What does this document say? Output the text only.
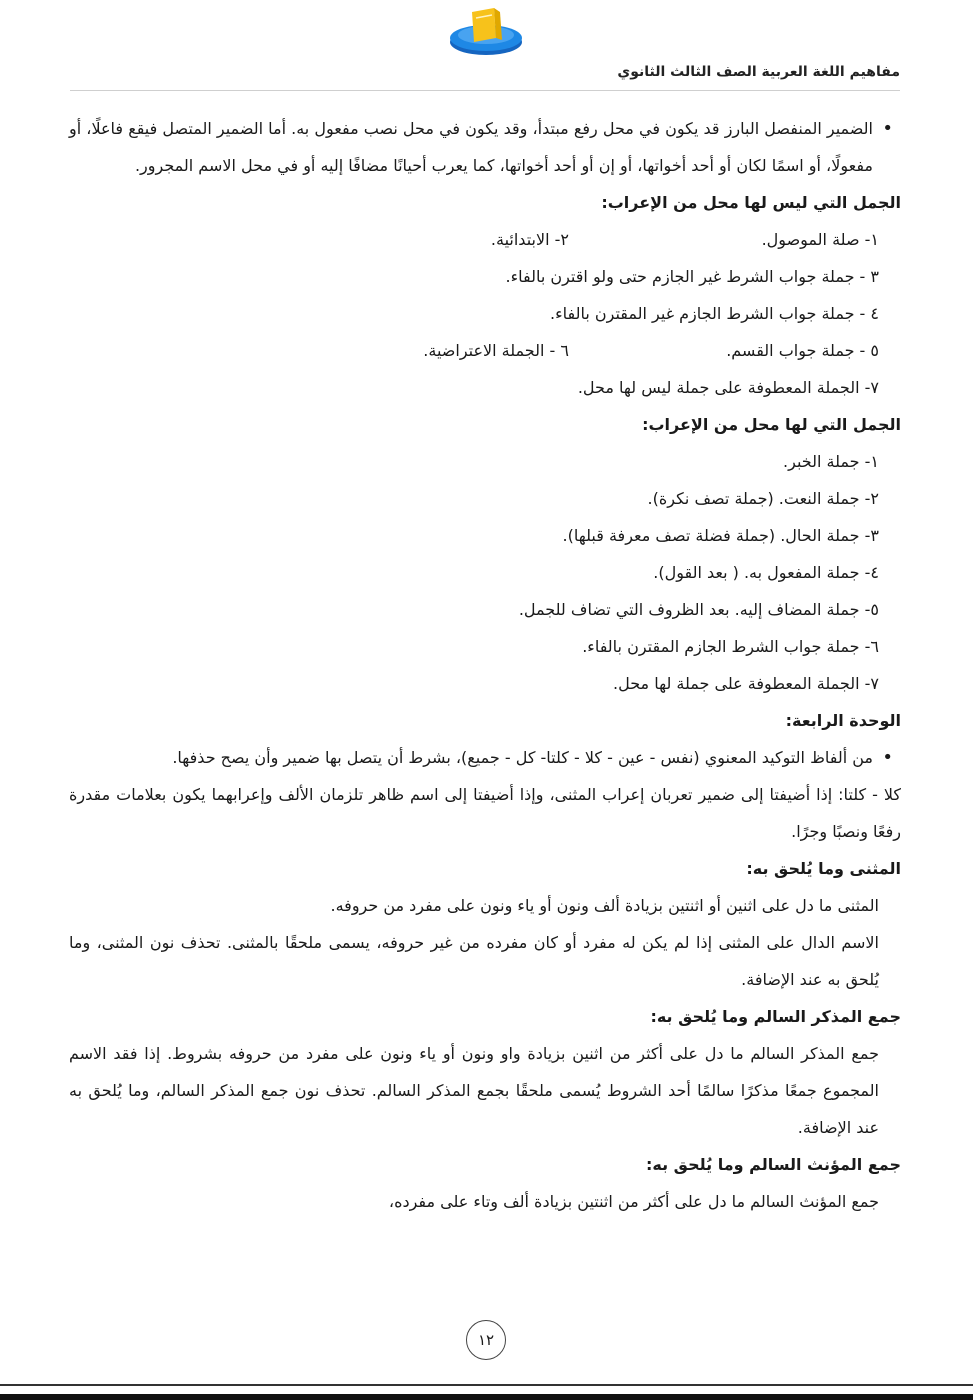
مفاهيم اللغة العربية الصف الثالث الثانوي

• الضمير المنفصل البارز قد يكون في محل رفع مبتدأ، وقد يكون في محل نصب مفعول به. أما الضمير المتصل فيقع فاعلًا، أو مفعولًا، أو اسمًا لكان أو أحد أخواتها، أو إن أو أحد أخواتها، كما يعرب أحيانًا مضافًا إليه أو في محل الاسم المجرور.

الجمل التي ليس لها محل من الإعراب:

١- صلة الموصول.
٢- الابتدائية.

٣ - جملة جواب الشرط غير الجازم حتى ولو اقترن بالفاء.

٤ - جملة جواب الشرط الجازم غير المقترن بالفاء.

٥ - جملة جواب القسم.
٦ - الجملة الاعتراضية.

٧- الجملة المعطوفة على جملة ليس لها محل.

الجمل التي لها محل من الإعراب:

١- جملة الخبر.

٢- جملة النعت. (جملة تصف نكرة).

٣- جملة الحال. (جملة فضلة تصف معرفة قبلها).

٤- جملة المفعول به. ( بعد القول).

٥- جملة المضاف إليه. بعد الظروف التي تضاف للجمل.

٦- جملة جواب الشرط الجازم المقترن بالفاء.

٧- الجملة المعطوفة على جملة لها محل.

الوحدة الرابعة:

• من ألفاظ التوكيد المعنوي (نفس - عين - كلا - كلتا- كل - جميع)، بشرط أن يتصل بها ضمير وأن يصح حذفها.

كلا - كلتا: إذا أضيفتا إلى ضمير تعربان إعراب المثنى، وإذا أضيفتا إلى اسم ظاهر تلزمان الألف وإعرابهما يكون بعلامات مقدرة رفعًا ونصبًا وجرًا.

المثنى وما يُلحق به:

المثنى ما دل على اثنين أو اثنتين بزيادة ألف ونون أو ياء ونون على مفرد من حروفه.

الاسم الدال على المثنى إذا لم يكن له مفرد أو كان مفرده من غير حروفه، يسمى ملحقًا بالمثنى. تحذف نون المثنى، وما يُلحق به عند الإضافة.

جمع المذكر السالم وما يُلحق به:

جمع المذكر السالم ما دل على أكثر من اثنين بزيادة واو ونون أو ياء ونون على مفرد من حروفه بشروط. إذا فقد الاسم المجموع جمعًا مذكرًا سالمًا أحد الشروط يُسمى ملحقًا بجمع المذكر السالم. تحذف نون جمع المذكر السالم، وما يُلحق به عند الإضافة.

جمع المؤنث السالم وما يُلحق به:

جمع المؤنث السالم ما دل على أكثر من اثنتين بزيادة ألف وتاء على مفرده،

١٢
